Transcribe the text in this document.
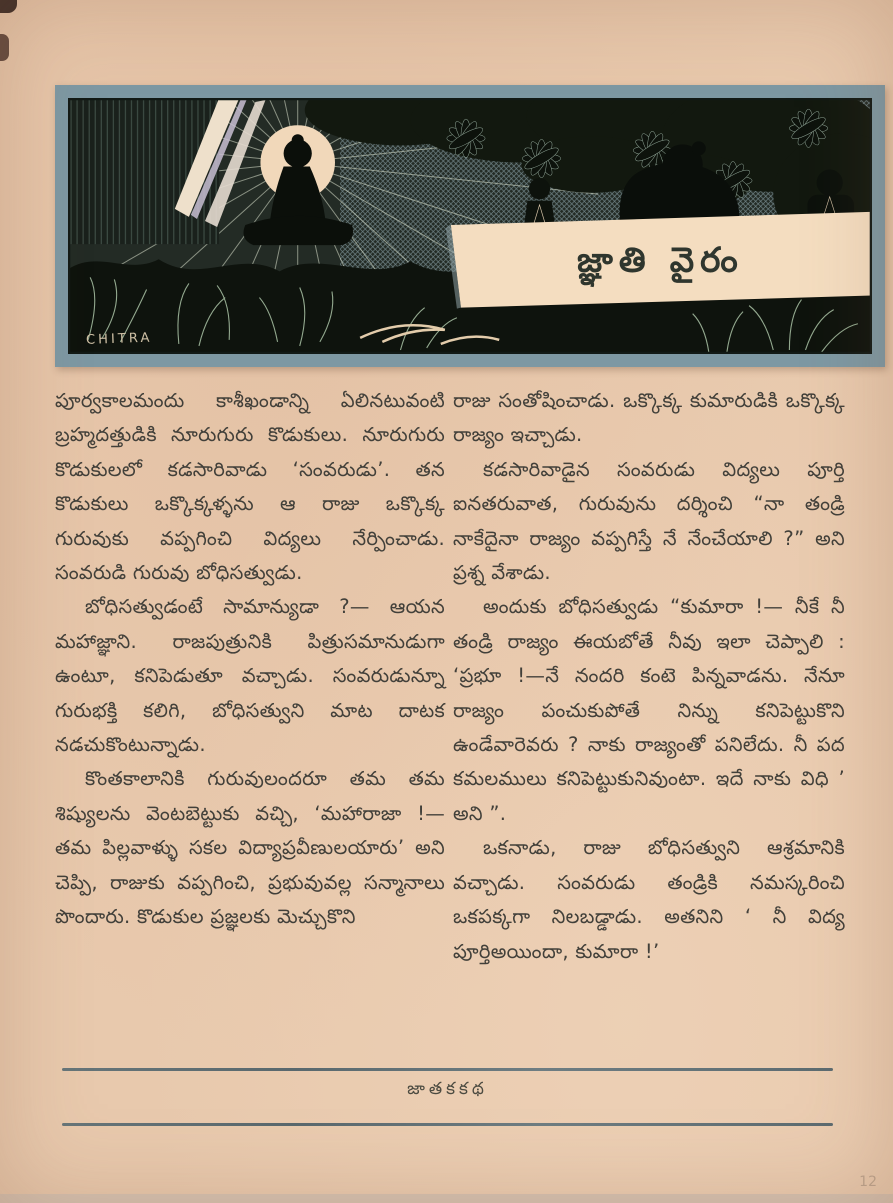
జ్ఞాతి వైరం
CHITRA

పూర్వకాలమందు కాశీఖండాన్ని ఏలినటువంటి బ్రహ్మదత్తుడికి నూరుగురు కొడుకులు. నూరుగురు కొడుకులలో కడసారివాడు ‘సంవరుడు’. తన కొడుకులు ఒక్కొక్కళ్ళను ఆ రాజు ఒక్కొక్క గురువుకు వప్పగించి విద్యలు నేర్పించాడు. సంవరుడి గురువు బోధిసత్వుడు.

బోధిసత్వుడంటే సామాన్యుడా ?— ఆయన మహాజ్ఞాని. రాజపుత్రునికి పిత్రుసమానుడుగా ఉంటూ, కనిపెడుతూ వచ్చాడు. సంవరుడున్నూ గురుభక్తి కలిగి, బోధిసత్వుని మాట దాటక నడచుకొంటున్నాడు.

కొంతకాలానికి గురువులందరూ తమ తమ శిష్యులను వెంటబెట్టుకు వచ్చి, ‘మహారాజా !—తమ పిల్లవాళ్ళు సకల విద్యాప్రవీణులయారు’ అని చెప్పి, రాజుకు వప్పగించి, ప్రభువువల్ల సన్మానాలు పొందారు. కొడుకుల ప్రజ్ఞలకు మెచ్చుకొని

రాజు సంతోషించాడు. ఒక్కొక్క కుమారుడికి ఒక్కొక్క రాజ్యం ఇచ్చాడు.

కడసారివాడైన సంవరుడు విద్యలు పూర్తి ఐనతరువాత, గురువును దర్శించి “నా తండ్రి నాకేదైనా రాజ్యం వప్పగిస్తే నే నేంచేయాలి ?” అని ప్రశ్న వేశాడు.

అందుకు బోధిసత్వుడు “కుమారా !— నీకే నీ తండ్రి రాజ్యం ఈయబోతే నీవు ఇలా చెప్పాలి : ‘ప్రభూ !—నే నందరి కంటె పిన్నవాడను. నేనూ రాజ్యం పంచుకుపోతే నిన్ను కనిపెట్టుకొని ఉండేవారెవరు ? నాకు రాజ్యంతో పనిలేదు. నీ పద కమలములు కనిపెట్టుకునివుంటా. ఇదే నాకు విధి ’ అని ”.

ఒకనాడు, రాజు బోధిసత్వుని ఆశ్రమానికి వచ్చాడు. సంవరుడు తండ్రికి నమస్కరించి ఒకపక్కగా నిలబడ్డాడు. అతనిని ‘ నీ విద్య పూర్తిఅయిందా, కుమారా !’

జాతకకథ
12
